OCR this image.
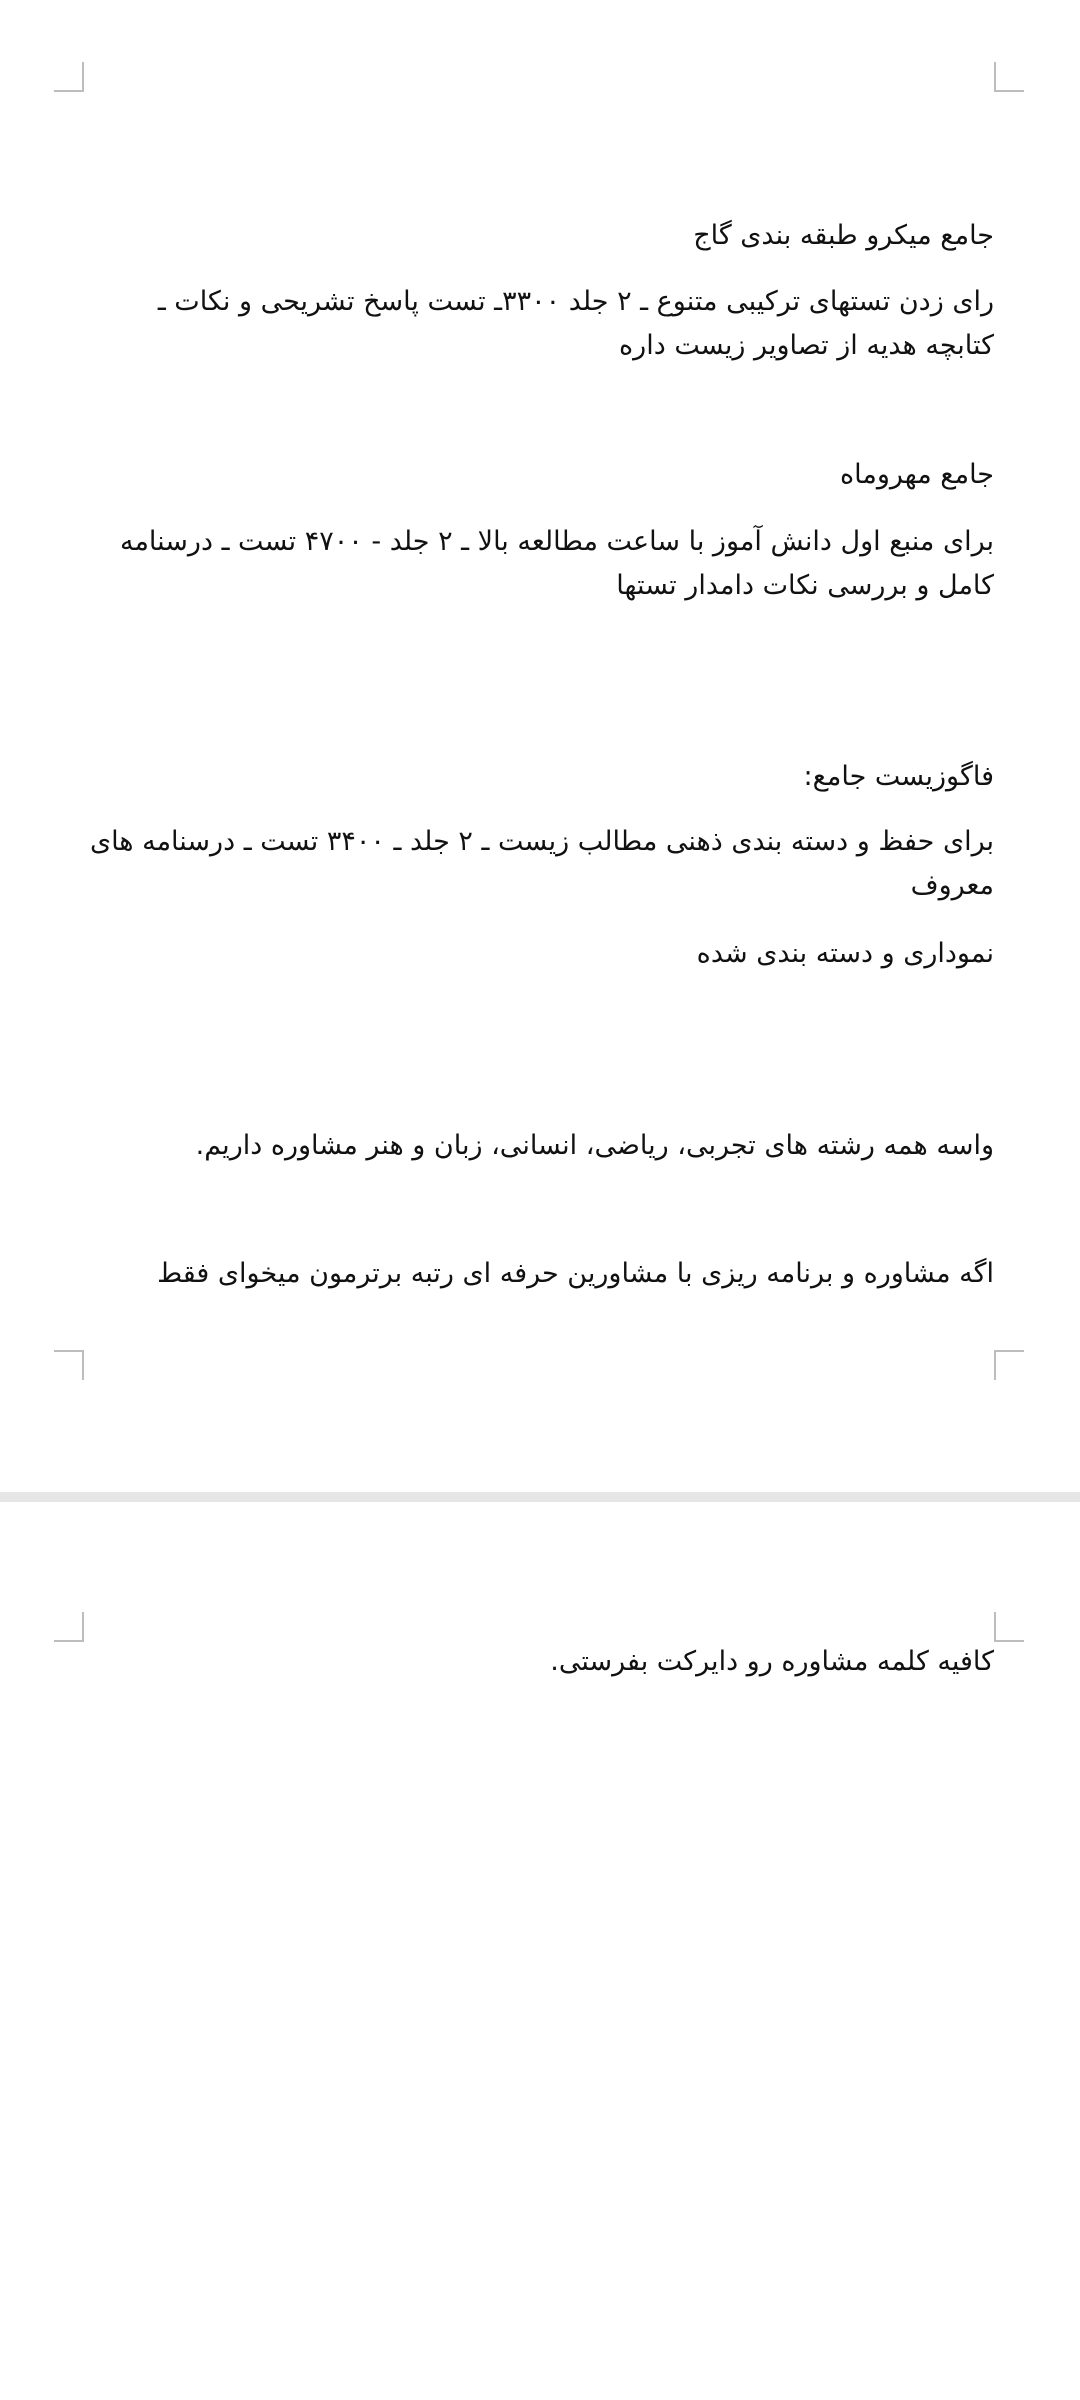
جامع میکرو طبقه بندی گاج
رای زدن تستهای ترکیبی متنوع ـ ۲ جلد ۳۳۰۰ـ تست پاسخ تشریحی و نکات ـ کتابچه هدیه از تصاویر زیست داره
جامع مهروماه
برای منبع اول دانش آموز با ساعت مطالعه بالا ـ ۲ جلد - ۴۷۰۰ تست ـ درسنامه کامل و بررسی نکات دامدار تستها
فاگوزیست جامع:
برای حفظ و دسته بندی ذهنی مطالب زیست ـ ۲ جلد ـ ۳۴۰۰ تست ـ درسنامه های معروف
نموداری و دسته بندی شده
واسه همه رشته های تجربی، ریاضی، انسانی، زبان و هنر مشاوره داریم.
اگه مشاوره و برنامه ریزی با مشاورین حرفه ای رتبه برترمون میخوای فقط
کافیه کلمه مشاوره رو دایرکت بفرستی.
